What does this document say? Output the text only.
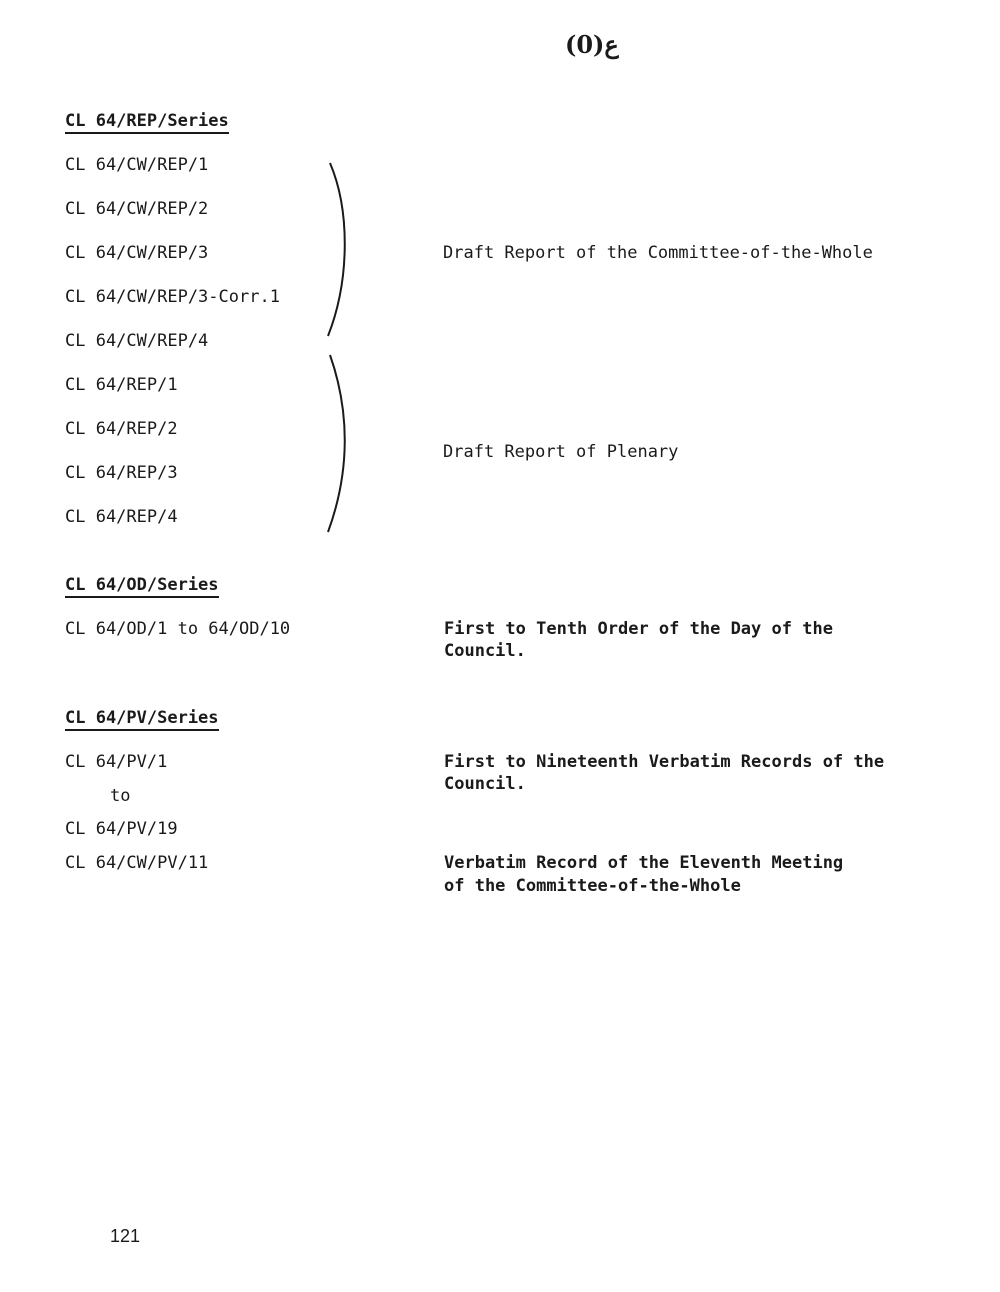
(0)ع
CL 64/REP/Series
CL 64/CW/REP/1
CL 64/CW/REP/2
CL 64/CW/REP/3
CL 64/CW/REP/3-Corr.1
CL 64/CW/REP/4
CL 64/REP/1
CL 64/REP/2
CL 64/REP/3
CL 64/REP/4
Draft Report of the Committee-of-the-Whole
Draft Report of Plenary
CL 64/OD/Series
CL 64/OD/1 to 64/OD/10	First to Tenth Order of the Day of the
Council.
CL 64/PV/Series
CL 64/PV/1
to
CL 64/PV/19
First to Nineteenth Verbatim Records of the
Council.
CL 64/CW/PV/11	Verbatim Record of the Eleventh Meeting
of the Committee-of-the-Whole
121
